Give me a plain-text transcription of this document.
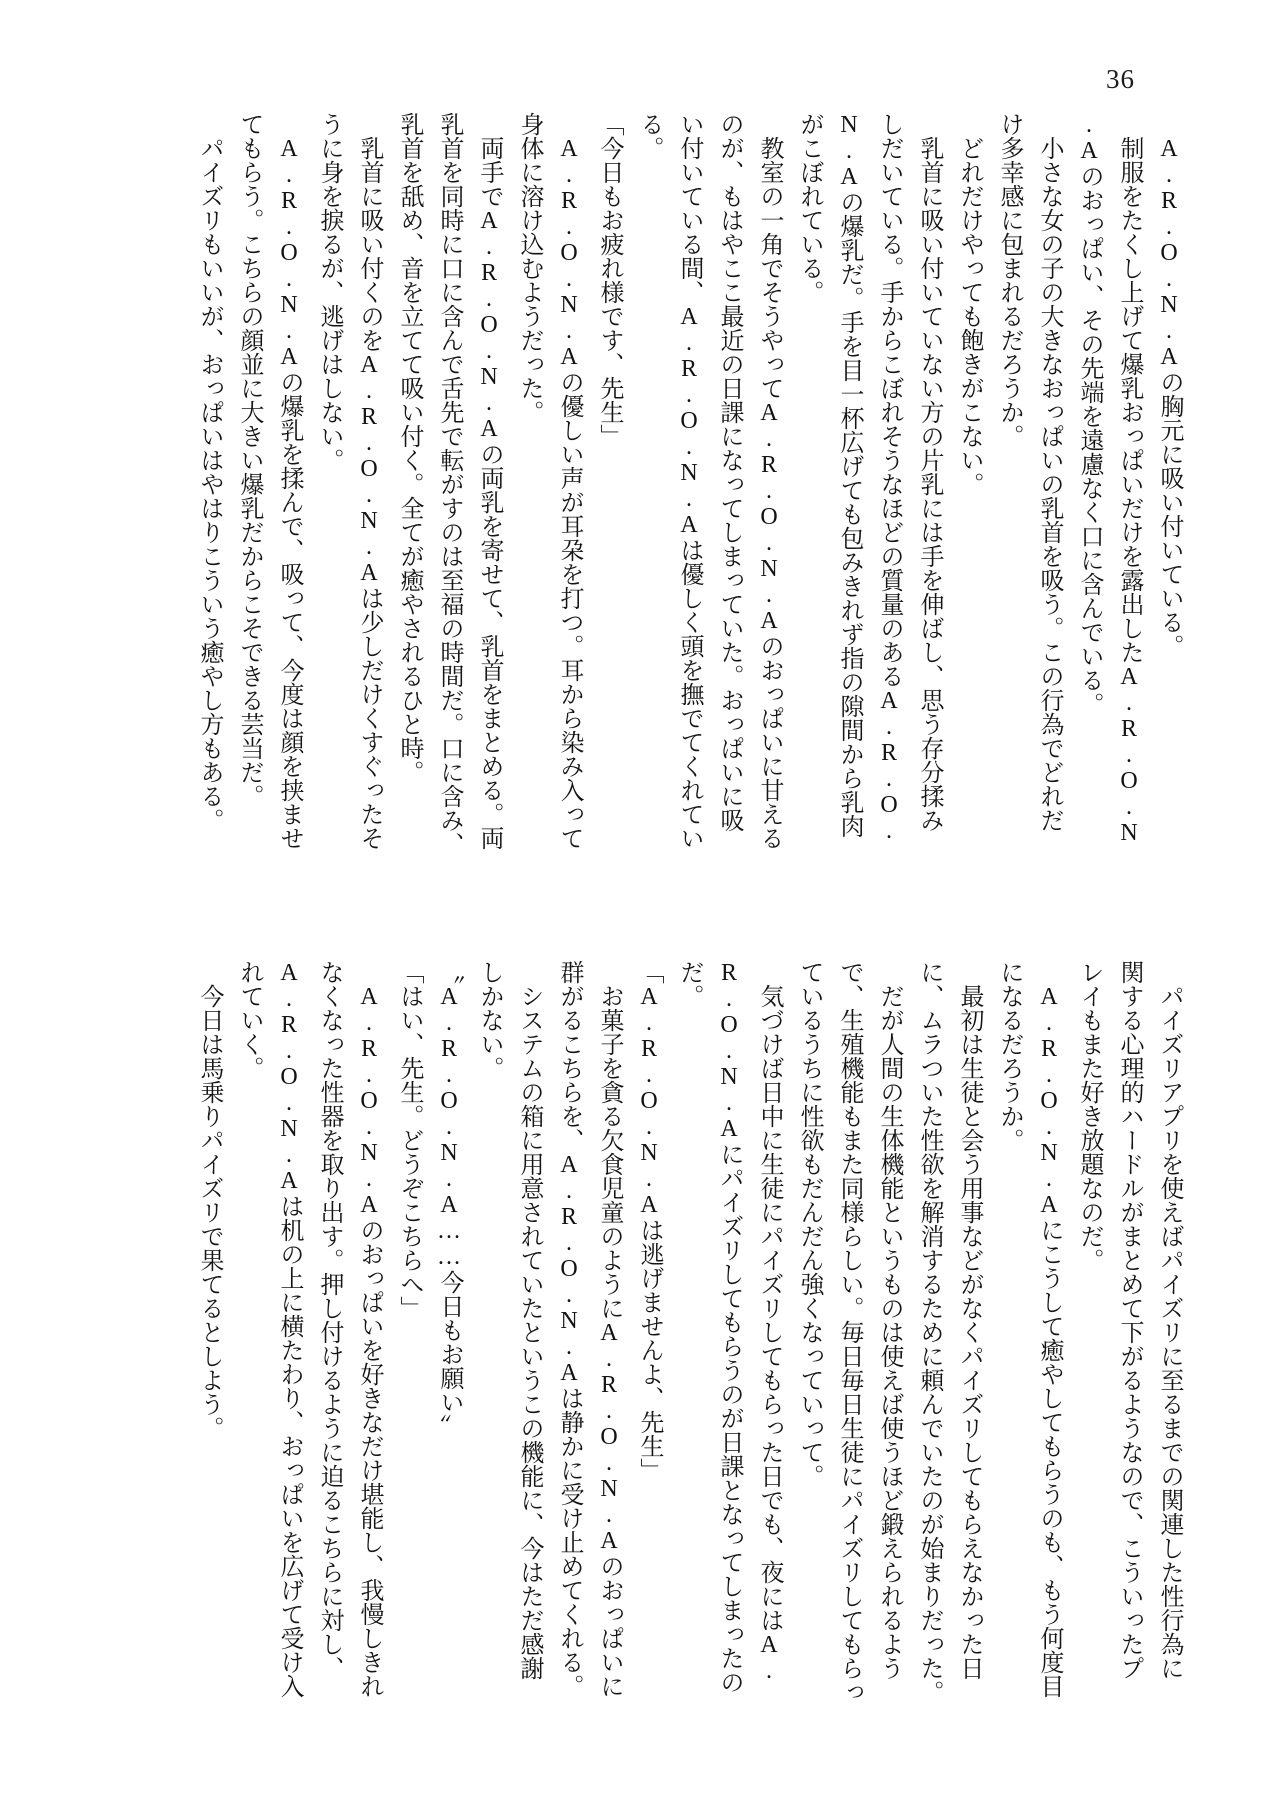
36
　A.R.O.N.Aの胸元に吸い付いている。
　制服をたくし上げて爆乳おっぱいだけを露出したA.R.O.N
.Aのおっぱい、その先端を遠慮なく口に含んでいる。
　小さな女の子の大きなおっぱいの乳首を吸う。この行為でどれだ
け多幸感に包まれるだろうか。
　どれだけやっても飽きがこない。
　乳首に吸い付いていない方の片乳には手を伸ばし、思う存分揉み
しだいている。手からこぼれそうなほどの質量のあるA.R.O.
N.Aの爆乳だ。手を目一杯広げても包みきれず指の隙間から乳肉
がこぼれている。
　教室の一角でそうやってA.R.O.N.Aのおっぱいに甘える
のが、もはやここ最近の日課になってしまっていた。おっぱいに吸
い付いている間、A.R.O.N.Aは優しく頭を撫でてくれてい
る。
「今日もお疲れ様です、先生」
　A.R.O.N.Aの優しい声が耳朶を打つ。耳から染み入って
身体に溶け込むようだった。
　両手でA.R.O.N.Aの両乳を寄せて、乳首をまとめる。両
乳首を同時に口に含んで舌先で転がすのは至福の時間だ。口に含み、
乳首を舐め、音を立てて吸い付く。全てが癒やされるひと時。
　乳首に吸い付くのをA.R.O.N.Aは少しだけくすぐったそ
うに身を捩るが、逃げはしない。
　A.R.O.N.Aの爆乳を揉んで、吸って、今度は顔を挟ませ
てもらう。こちらの顔並に大きい爆乳だからこそできる芸当だ。
　パイズリもいいが、おっぱいはやはりこういう癒やし方もある。
　パイズリアプリを使えばパイズリに至るまでの関連した性行為に
関する心理的ハードルがまとめて下がるようなので、こういったプ
レイもまた好き放題なのだ。
　A.R.O.N.Aにこうして癒やしてもらうのも、もう何度目
になるだろうか。
　最初は生徒と会う用事などがなくパイズリしてもらえなかった日
に、ムラついた性欲を解消するために頼んでいたのが始まりだった。
　だが人間の生体機能というものは使えば使うほど鍛えられるよう
で、生殖機能もまた同様らしい。毎日毎日生徒にパイズリしてもらっ
ているうちに性欲もだんだん強くなっていって。
　気づけば日中に生徒にパイズリしてもらった日でも、夜にはA.
R.O.N.Aにパイズリしてもらうのが日課となってしまったの
だ。
「A.R.O.N.Aは逃げませんよ、先生」
　お菓子を貪る欠食児童のようにA.R.O.N.Aのおっぱいに
群がるこちらを、A.R.O.N.Aは静かに受け止めてくれる。
　システムの箱に用意されていたというこの機能に、今はただ感謝
しかない。
〝A.R.O.N.A……今日もお願い〟
「はい、先生。どうぞこちらへ」
　A.R.O.N.Aのおっぱいを好きなだけ堪能し、我慢しきれ
なくなった性器を取り出す。押し付けるように迫るこちらに対し、
A.R.O.N.Aは机の上に横たわり、おっぱいを広げて受け入
れていく。
　今日は馬乗りパイズリで果てるとしよう。
